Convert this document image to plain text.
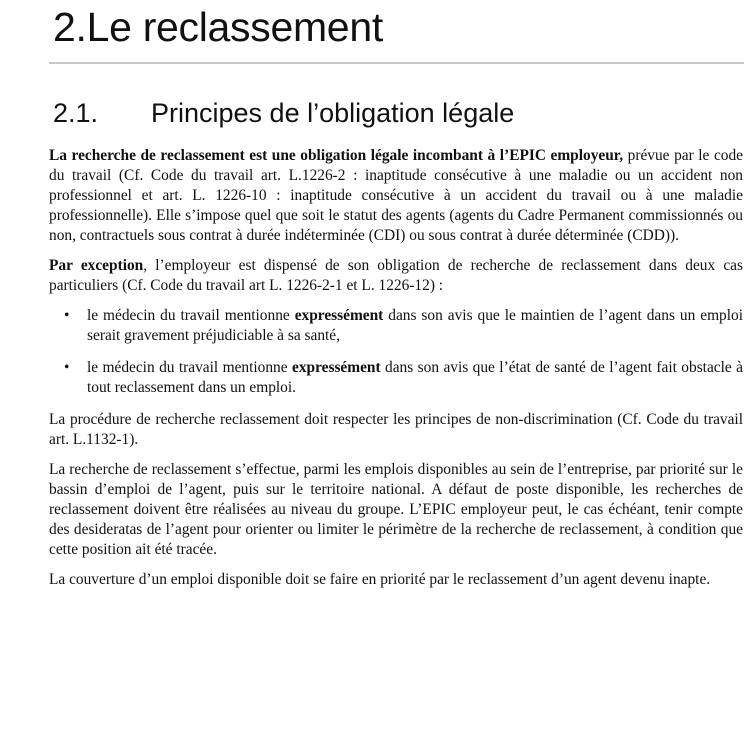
2.Le reclassement
2.1. Principes de l’obligation légale

La recherche de reclassement est une obligation légale incombant à l’EPIC employeur, prévue par le code du travail (Cf. Code du travail art. L.1226-2 : inaptitude consécutive à une maladie ou un accident non professionnel et art. L. 1226-10 : inaptitude consécutive à un accident du travail ou à une maladie professionnelle). Elle s’impose quel que soit le statut des agents (agents du Cadre Permanent commissionnés ou non, contractuels sous contrat à durée indéterminée (CDI) ou sous contrat à durée déterminée (CDD)).

Par exception, l’employeur est dispensé de son obligation de recherche de reclassement dans deux cas particuliers (Cf. Code du travail art L. 1226-2-1 et L. 1226-12) :

• le médecin du travail mentionne expressément dans son avis que le maintien de l’agent dans un emploi serait gravement préjudiciable à sa santé,
• le médecin du travail mentionne expressément dans son avis que l’état de santé de l’agent fait obstacle à tout reclassement dans un emploi.

La procédure de recherche reclassement doit respecter les principes de non-discrimination (Cf. Code du travail art. L.1132-1).

La recherche de reclassement s’effectue, parmi les emplois disponibles au sein de l’entreprise, par priorité sur le bassin d’emploi de l’agent, puis sur le territoire national. A défaut de poste disponible, les recherches de reclassement doivent être réalisées au niveau du groupe. L’EPIC employeur peut, le cas échéant, tenir compte des desideratas de l’agent pour orienter ou limiter le périmètre de la recherche de reclassement, à condition que cette position ait été tracée.

La couverture d’un emploi disponible doit se faire en priorité par le reclassement d’un agent devenu inapte.
